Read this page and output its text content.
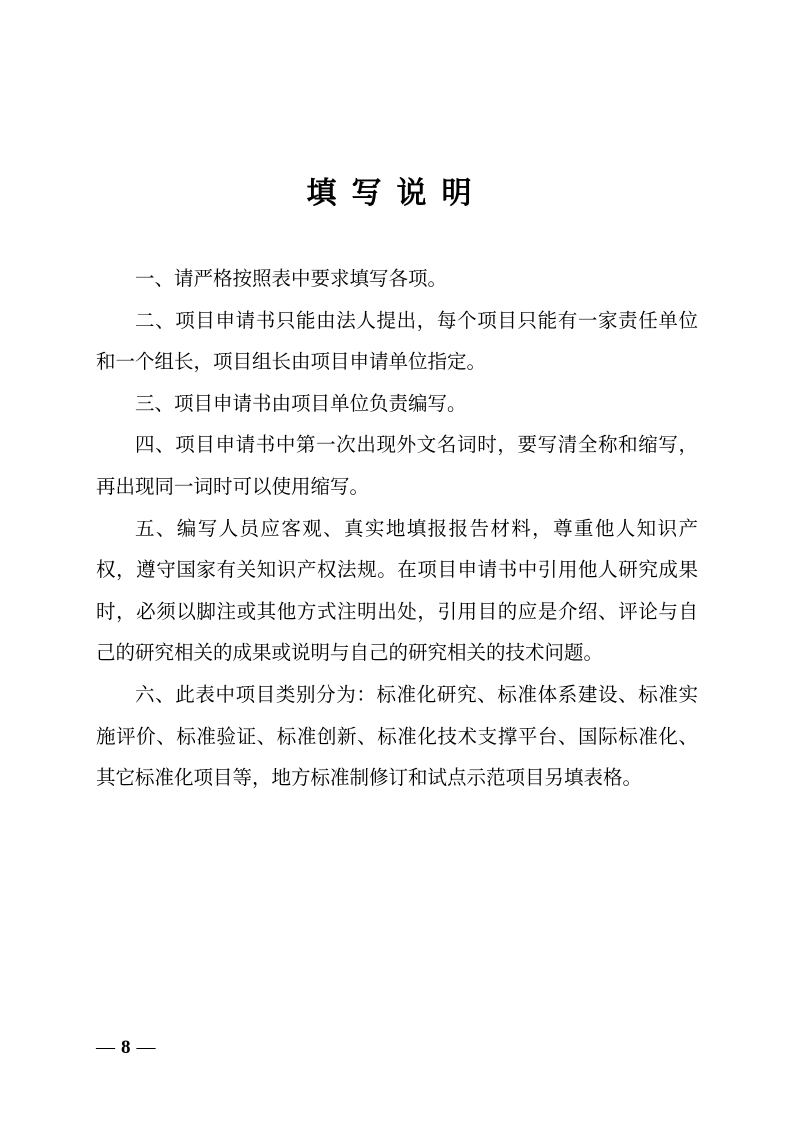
填写说明

一、请严格按照表中要求填写各项。

二、项目申请书只能由法人提出，每个项目只能有一家责任单位和一个组长，项目组长由项目申请单位指定。

三、项目申请书由项目单位负责编写。

四、项目申请书中第一次出现外文名词时，要写清全称和缩写，再出现同一词时可以使用缩写。

五、编写人员应客观、真实地填报报告材料，尊重他人知识产权，遵守国家有关知识产权法规。在项目申请书中引用他人研究成果时，必须以脚注或其他方式注明出处，引用目的应是介绍、评论与自己的研究相关的成果或说明与自己的研究相关的技术问题。

六、此表中项目类别分为：标准化研究、标准体系建设、标准实施评价、标准验证、标准创新、标准化技术支撑平台、国际标准化、其它标准化项目等，地方标准制修订和试点示范项目另填表格。

— 8 —
